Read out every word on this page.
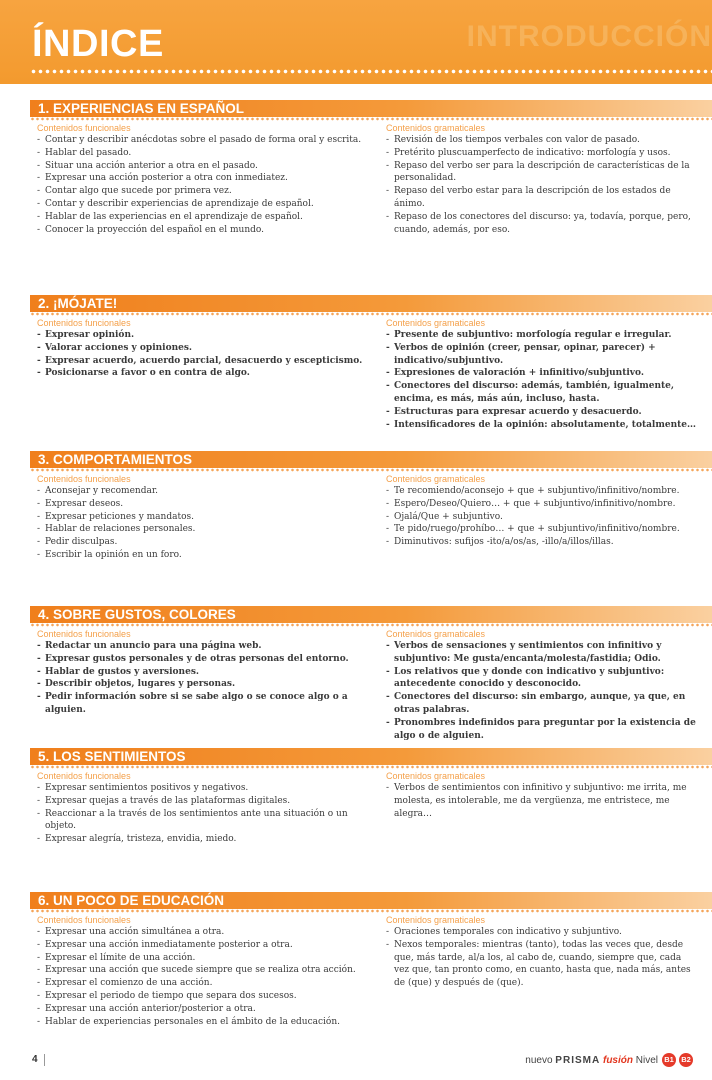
INTRODUCCIÓN
ÍNDICE
1. EXPERIENCIAS EN ESPAÑOL
Contenidos funcionales
- Contar y describir anécdotas sobre el pasado de forma oral y escrita.
- Hablar del pasado.
- Situar una acción anterior a otra en el pasado.
- Expresar una acción posterior a otra con inmediatez.
- Contar algo que sucede por primera vez.
- Contar y describir experiencias de aprendizaje de español.
- Hablar de las experiencias en el aprendizaje de español.
- Conocer la proyección del español en el mundo.
Contenidos gramaticales
- Revisión de los tiempos verbales con valor de pasado.
- Pretérito pluscuamperfecto de indicativo: morfología y usos.
- Repaso del verbo ser para la descripción de características de la personalidad.
- Repaso del verbo estar para la descripción de los estados de ánimo.
- Repaso de los conectores del discurso: ya, todavía, porque, pero, cuando, además, por eso.
2. ¡MÓJATE!
Contenidos funcionales
- Expresar opinión.
- Valorar acciones y opiniones.
- Expresar acuerdo, acuerdo parcial, desacuerdo y escepticismo.
- Posicionarse a favor o en contra de algo.
Contenidos gramaticales
- Presente de subjuntivo: morfología regular e irregular.
- Verbos de opinión (creer, pensar, opinar, parecer) + indicativo/subjuntivo.
- Expresiones de valoración + infinitivo/subjuntivo.
- Conectores del discurso: además, también, igualmente, encima, es más, más aún, incluso, hasta.
- Estructuras para expresar acuerdo y desacuerdo.
- Intensificadores de la opinión: absolutamente, totalmente…
3. COMPORTAMIENTOS
Contenidos funcionales
- Aconsejar y recomendar.
- Expresar deseos.
- Expresar peticiones y mandatos.
- Hablar de relaciones personales.
- Pedir disculpas.
- Escribir la opinión en un foro.
Contenidos gramaticales
- Te recomiendo/aconsejo + que + subjuntivo/infinitivo/nombre.
- Espero/Deseo/Quiero… + que + subjuntivo/infinitivo/nombre.
- Ojalá/Que + subjuntivo.
- Te pido/ruego/prohíbo… + que + subjuntivo/infinitivo/nombre.
- Diminutivos: sufijos -ito/a/os/as, -illo/a/illos/illas.
4. SOBRE GUSTOS, COLORES
Contenidos funcionales
- Redactar un anuncio para una página web.
- Expresar gustos personales y de otras personas del entorno.
- Hablar de gustos y aversiones.
- Describir objetos, lugares y personas.
- Pedir información sobre si se sabe algo o se conoce algo o a alguien.
Contenidos gramaticales
- Verbos de sensaciones y sentimientos con infinitivo y subjuntivo: Me gusta/encanta/molesta/fastidia; Odio.
- Los relativos que y donde con indicativo y subjuntivo: antecedente conocido y desconocido.
- Conectores del discurso: sin embargo, aunque, ya que, en otras palabras.
- Pronombres indefinidos para preguntar por la existencia de algo o de alguien.
5. LOS SENTIMIENTOS
Contenidos funcionales
- Expresar sentimientos positivos y negativos.
- Expresar quejas a través de las plataformas digitales.
- Reaccionar a la través de los sentimientos ante una situación o un objeto.
- Expresar alegría, tristeza, envidia, miedo.
Contenidos gramaticales
- Verbos de sentimientos con infinitivo y subjuntivo: me irrita, me molesta, es intolerable, me da vergüenza, me entristece, me alegra…
6. UN POCO DE EDUCACIÓN
Contenidos funcionales
- Expresar una acción simultánea a otra.
- Expresar una acción inmediatamente posterior a otra.
- Expresar el límite de una acción.
- Expresar una acción que sucede siempre que se realiza otra acción.
- Expresar el comienzo de una acción.
- Expresar el periodo de tiempo que separa dos sucesos.
- Expresar una acción anterior/posterior a otra.
- Hablar de experiencias personales en el ámbito de la educación.
Contenidos gramaticales
- Oraciones temporales con indicativo y subjuntivo.
- Nexos temporales: mientras (tanto), todas las veces que, desde que, más tarde, al/a los, al cabo de, cuando, siempre que, cada vez que, tan pronto como, en cuanto, hasta que, nada más, antes de (que) y después de (que).
4	nuevo PRISMA fusión Nivel B1 B2
